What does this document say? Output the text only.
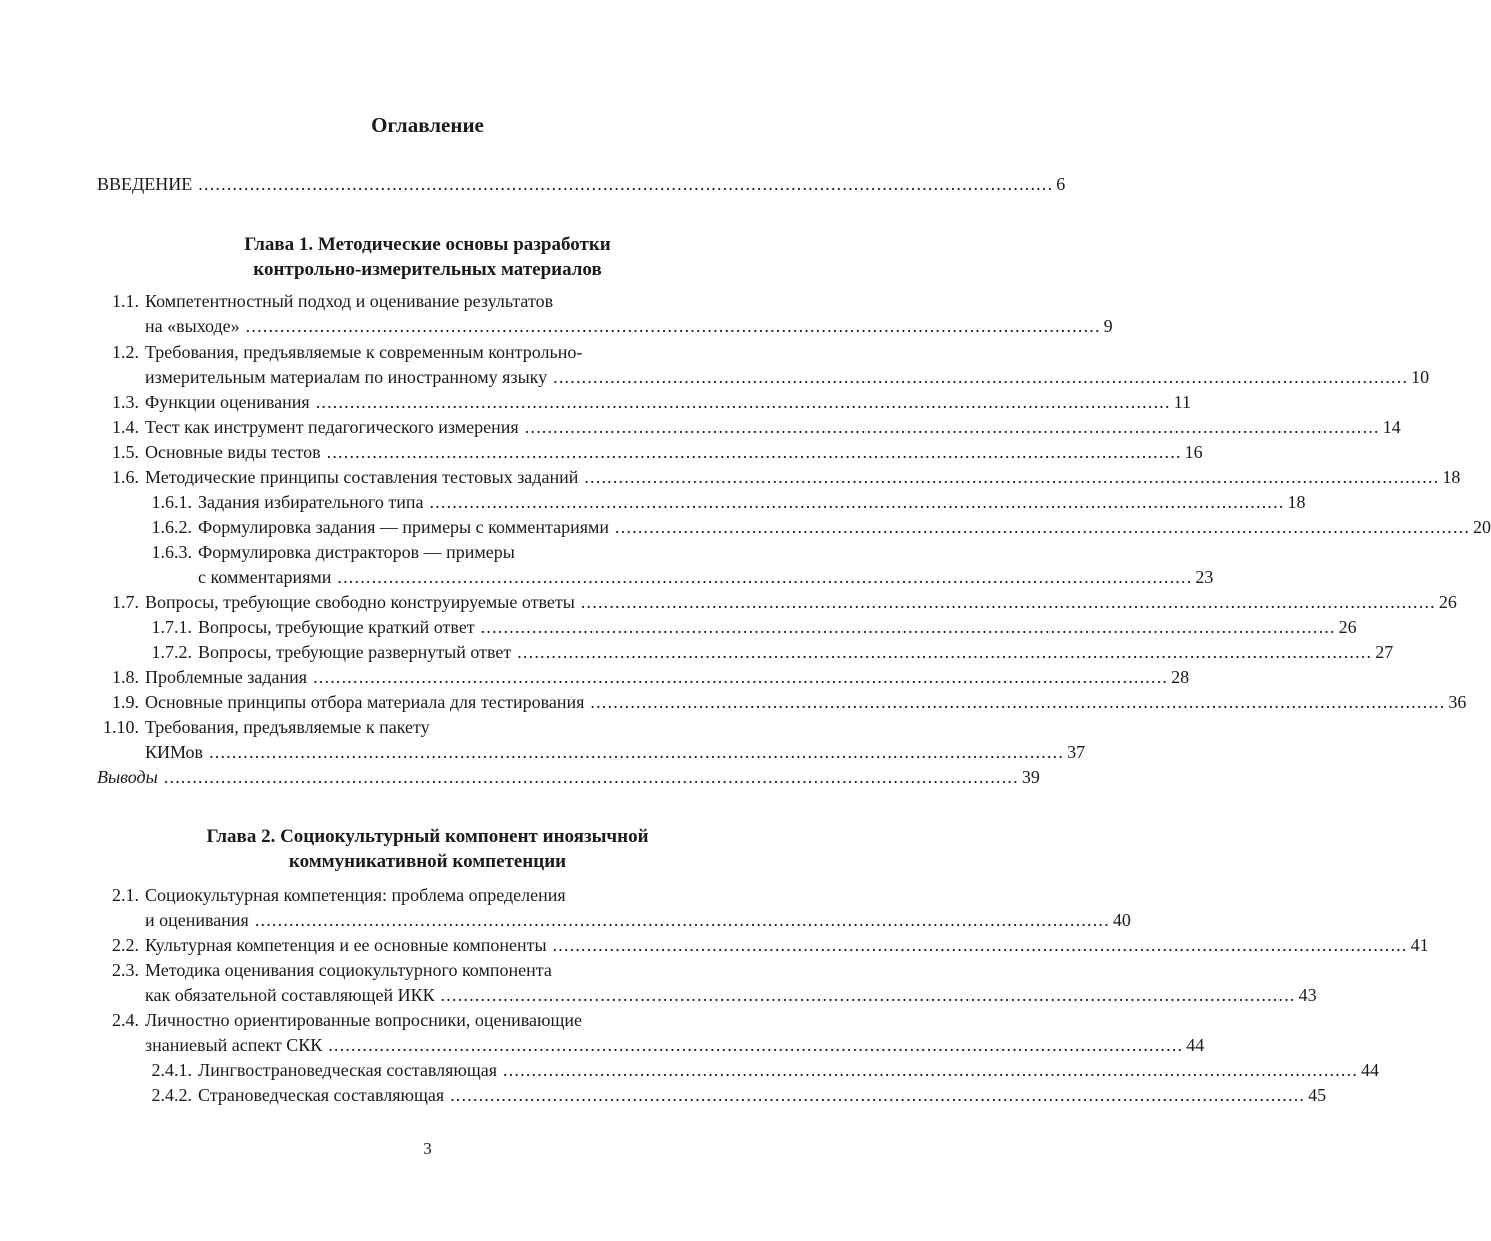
Оглавление
ВВЕДЕНИЕ ...................................................................................................................................................... 6
Глава 1. Методические основы разработки
контрольно-измерительных материалов
1.1. Компетентностный подход и оценивание результатов
на «выходе» ...................................................................................................................................................... 9
1.2. Требования, предъявляемые к современным контрольно-
измерительным материалам по иностранному языку ...................................................................................................................................................... 10
1.3. Функции оценивания ...................................................................................................................................................... 11
1.4. Тест как инструмент педагогического измерения ...................................................................................................................................................... 14
1.5. Основные виды тестов ...................................................................................................................................................... 16
1.6. Методические принципы составления тестовых заданий ...................................................................................................................................................... 18
1.6.1. Задания избирательного типа ...................................................................................................................................................... 18
1.6.2. Формулировка задания — примеры с комментариями ...................................................................................................................................................... 20
1.6.3. Формулировка дистракторов — примеры
с комментариями ...................................................................................................................................................... 23
1.7. Вопросы, требующие свободно конструируемые ответы ...................................................................................................................................................... 26
1.7.1. Вопросы, требующие краткий ответ ...................................................................................................................................................... 26
1.7.2. Вопросы, требующие развернутый ответ ...................................................................................................................................................... 27
1.8. Проблемные задания ...................................................................................................................................................... 28
1.9. Основные принципы отбора материала для тестирования ...................................................................................................................................................... 36
1.10. Требования, предъявляемые к пакету
КИМов ...................................................................................................................................................... 37
Выводы ...................................................................................................................................................... 39
Глава 2. Социокультурный компонент иноязычной
коммуникативной компетенции
2.1. Социокультурная компетенция: проблема определения
и оценивания ...................................................................................................................................................... 40
2.2. Культурная компетенция и ее основные компоненты ...................................................................................................................................................... 41
2.3. Методика оценивания социокультурного компонента
как обязательной составляющей ИКК ...................................................................................................................................................... 43
2.4. Личностно ориентированные вопросники, оценивающие
знаниевый аспект СКК ...................................................................................................................................................... 44
2.4.1. Лингвострановедческая составляющая ...................................................................................................................................................... 44
2.4.2. Страноведческая составляющая ...................................................................................................................................................... 45
3
